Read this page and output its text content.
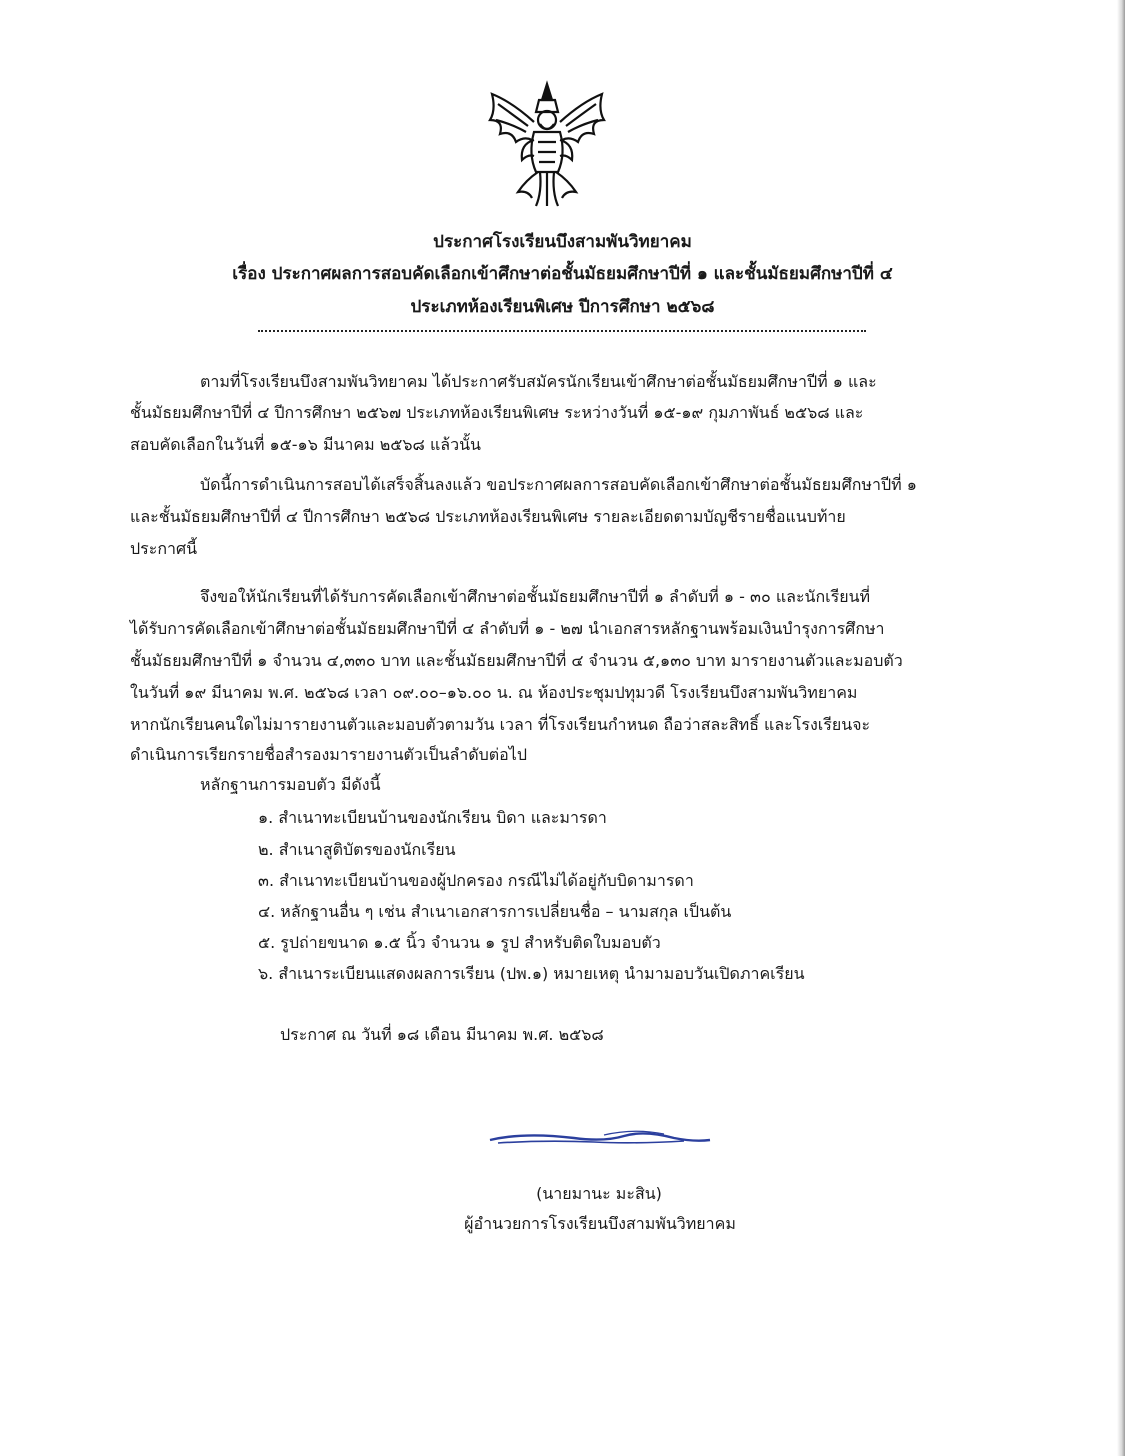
ประกาศโรงเรียนบึงสามพันวิทยาคม
เรื่อง ประกาศผลการสอบคัดเลือกเข้าศึกษาต่อชั้นมัธยมศึกษาปีที่ ๑ และชั้นมัธยมศึกษาปีที่ ๔
ประเภทห้องเรียนพิเศษ ปีการศึกษา ๒๕๖๘
ตามที่โรงเรียนบึงสามพันวิทยาคม ได้ประกาศรับสมัครนักเรียนเข้าศึกษาต่อชั้นมัธยมศึกษาปีที่ ๑ และ
ชั้นมัธยมศึกษาปีที่ ๔ ปีการศึกษา ๒๕๖๗ ประเภทห้องเรียนพิเศษ ระหว่างวันที่ ๑๕-๑๙ กุมภาพันธ์ ๒๕๖๘ และ
สอบคัดเลือกในวันที่ ๑๕-๑๖ มีนาคม ๒๕๖๘ แล้วนั้น
บัดนี้การดำเนินการสอบได้เสร็จสิ้นลงแล้ว ขอประกาศผลการสอบคัดเลือกเข้าศึกษาต่อชั้นมัธยมศึกษาปีที่ ๑
และชั้นมัธยมศึกษาปีที่ ๔ ปีการศึกษา ๒๕๖๘ ประเภทห้องเรียนพิเศษ รายละเอียดตามบัญชีรายชื่อแนบท้าย
ประกาศนี้
จึงขอให้นักเรียนที่ได้รับการคัดเลือกเข้าศึกษาต่อชั้นมัธยมศึกษาปีที่ ๑ ลำดับที่ ๑ - ๓๐ และนักเรียนที่
ได้รับการคัดเลือกเข้าศึกษาต่อชั้นมัธยมศึกษาปีที่ ๔ ลำดับที่ ๑ - ๒๗ นำเอกสารหลักฐานพร้อมเงินบำรุงการศึกษา
ชั้นมัธยมศึกษาปีที่ ๑ จำนวน ๔,๓๓๐ บาท และชั้นมัธยมศึกษาปีที่ ๔ จำนวน ๕,๑๓๐ บาท มารายงานตัวและมอบตัว
ในวันที่ ๑๙ มีนาคม พ.ศ. ๒๕๖๘ เวลา ๐๙.๐๐–๑๖.๐๐ น. ณ ห้องประชุมปทุมวดี โรงเรียนบึงสามพันวิทยาคม
หากนักเรียนคนใดไม่มารายงานตัวและมอบตัวตามวัน เวลา ที่โรงเรียนกำหนด ถือว่าสละสิทธิ์ และโรงเรียนจะ
ดำเนินการเรียกรายชื่อสำรองมารายงานตัวเป็นลำดับต่อไป
หลักฐานการมอบตัว มีดังนี้
๑. สำเนาทะเบียนบ้านของนักเรียน บิดา และมารดา
๒. สำเนาสูติบัตรของนักเรียน
๓. สำเนาทะเบียนบ้านของผู้ปกครอง กรณีไม่ได้อยู่กับบิดามารดา
๔. หลักฐานอื่น ๆ เช่น สำเนาเอกสารการเปลี่ยนชื่อ – นามสกุล เป็นต้น
๕. รูปถ่ายขนาด ๑.๕ นิ้ว จำนวน ๑ รูป สำหรับติดใบมอบตัว
๖. สำเนาระเบียนแสดงผลการเรียน (ปพ.๑) หมายเหตุ นำมามอบวันเปิดภาคเรียน
ประกาศ ณ วันที่ ๑๘ เดือน มีนาคม พ.ศ. ๒๕๖๘
(นายมานะ มะสิน)
ผู้อำนวยการโรงเรียนบึงสามพันวิทยาคม
